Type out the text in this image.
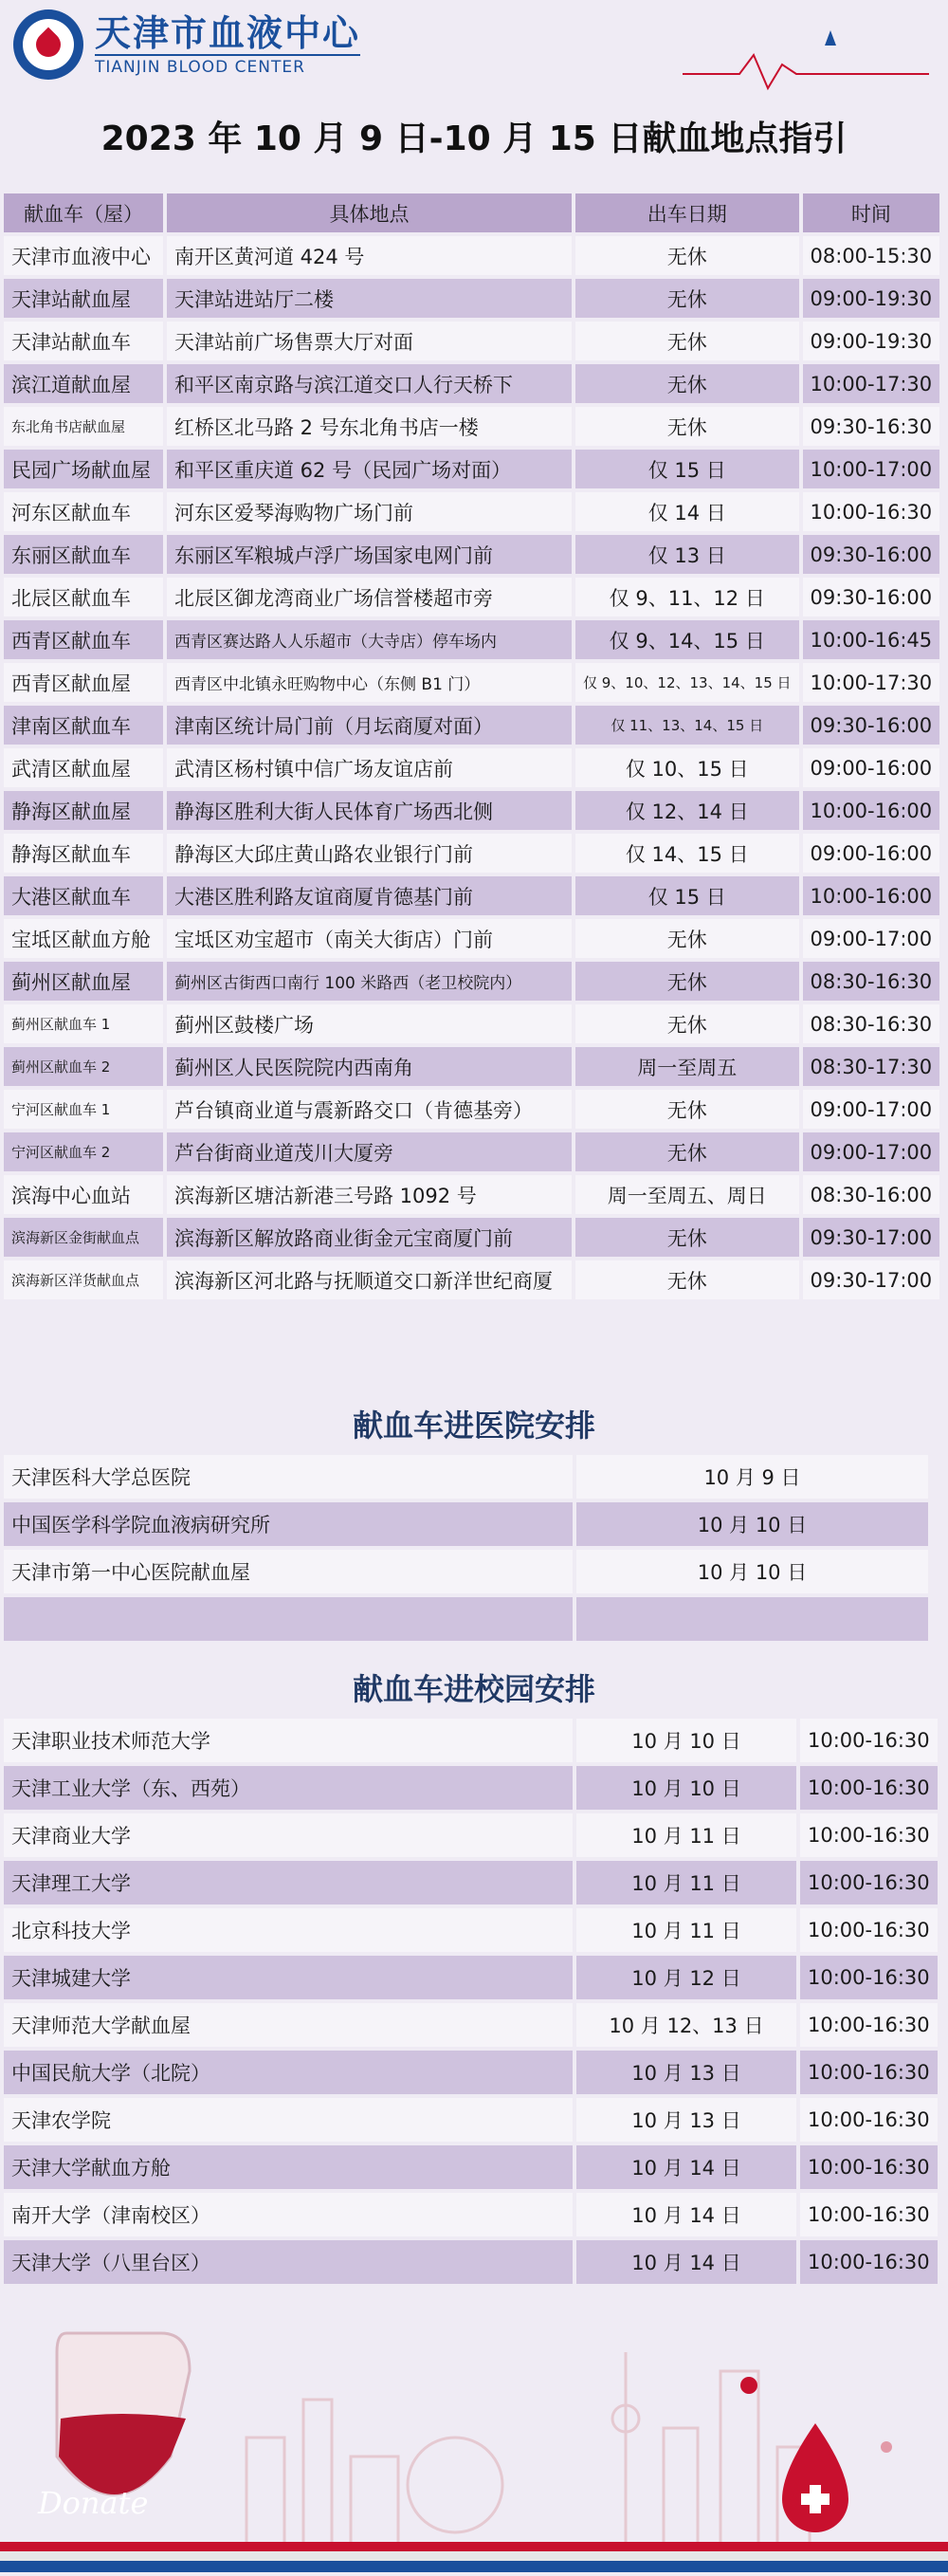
天津市血液中心
TIANJIN BLOOD CENTER
2023 年 10 月 9 日-10 月 15 日献血地点指引
献血车（屋）	具体地点	出车日期	时间
天津市血液中心	南开区黄河道 424 号	无休	08:00-15:30
天津站献血屋	天津站进站厅二楼	无休	09:00-19:30
天津站献血车	天津站前广场售票大厅对面	无休	09:00-19:30
滨江道献血屋	和平区南京路与滨江道交口人行天桥下	无休	10:00-17:30
东北角书店献血屋	红桥区北马路 2 号东北角书店一楼	无休	09:30-16:30
民园广场献血屋	和平区重庆道 62 号（民园广场对面）	仅 15 日	10:00-17:00
河东区献血车	河东区爱琴海购物广场门前	仅 14 日	10:00-16:30
东丽区献血车	东丽区军粮城卢浮广场国家电网门前	仅 13 日	09:30-16:00
北辰区献血车	北辰区御龙湾商业广场信誉楼超市旁	仅 9、11、12 日	09:30-16:00
西青区献血车	西青区赛达路人人乐超市（大寺店）停车场内	仅 9、14、15 日	10:00-16:45
西青区献血屋	西青区中北镇永旺购物中心（东侧 B1 门）	仅 9、10、12、13、14、15 日	10:00-17:30
津南区献血车	津南区统计局门前（月坛商厦对面）	仅 11、13、14、15 日	09:30-16:00
武清区献血屋	武清区杨村镇中信广场友谊店前	仅 10、15 日	09:00-16:00
静海区献血屋	静海区胜利大街人民体育广场西北侧	仅 12、14 日	10:00-16:00
静海区献血车	静海区大邱庄黄山路农业银行门前	仅 14、15 日	09:00-16:00
大港区献血车	大港区胜利路友谊商厦肯德基门前	仅 15 日	10:00-16:00
宝坻区献血方舱	宝坻区劝宝超市（南关大街店）门前	无休	09:00-17:00
蓟州区献血屋	蓟州区古街西口南行 100 米路西（老卫校院内）	无休	08:30-16:30
蓟州区献血车 1	蓟州区鼓楼广场	无休	08:30-16:30
蓟州区献血车 2	蓟州区人民医院院内西南角	周一至周五	08:30-17:30
宁河区献血车 1	芦台镇商业道与震新路交口（肯德基旁）	无休	09:00-17:00
宁河区献血车 2	芦台街商业道茂川大厦旁	无休	09:00-17:00
滨海中心血站	滨海新区塘沽新港三号路 1092 号	周一至周五、周日	08:30-16:00
滨海新区金街献血点	滨海新区解放路商业街金元宝商厦门前	无休	09:30-17:00
滨海新区洋货献血点	滨海新区河北路与抚顺道交口新洋世纪商厦	无休	09:30-17:00
献血车进医院安排
天津医科大学总医院	10 月 9 日
中国医学科学院血液病研究所	10 月 10 日
天津市第一中心医院献血屋	10 月 10 日

献血车进校园安排
天津职业技术师范大学	10 月 10 日	10:00-16:30
天津工业大学（东、西苑）	10 月 10 日	10:00-16:30
天津商业大学	10 月 11 日	10:00-16:30
天津理工大学	10 月 11 日	10:00-16:30
北京科技大学	10 月 11 日	10:00-16:30
天津城建大学	10 月 12 日	10:00-16:30
天津师范大学献血屋	10 月 12、13 日	10:00-16:30
中国民航大学（北院）	10 月 13 日	10:00-16:30
天津农学院	10 月 13 日	10:00-16:30
天津大学献血方舱	10 月 14 日	10:00-16:30
南开大学（津南校区）	10 月 14 日	10:00-16:30
天津大学（八里台区）	10 月 14 日	10:00-16:30
Donate
